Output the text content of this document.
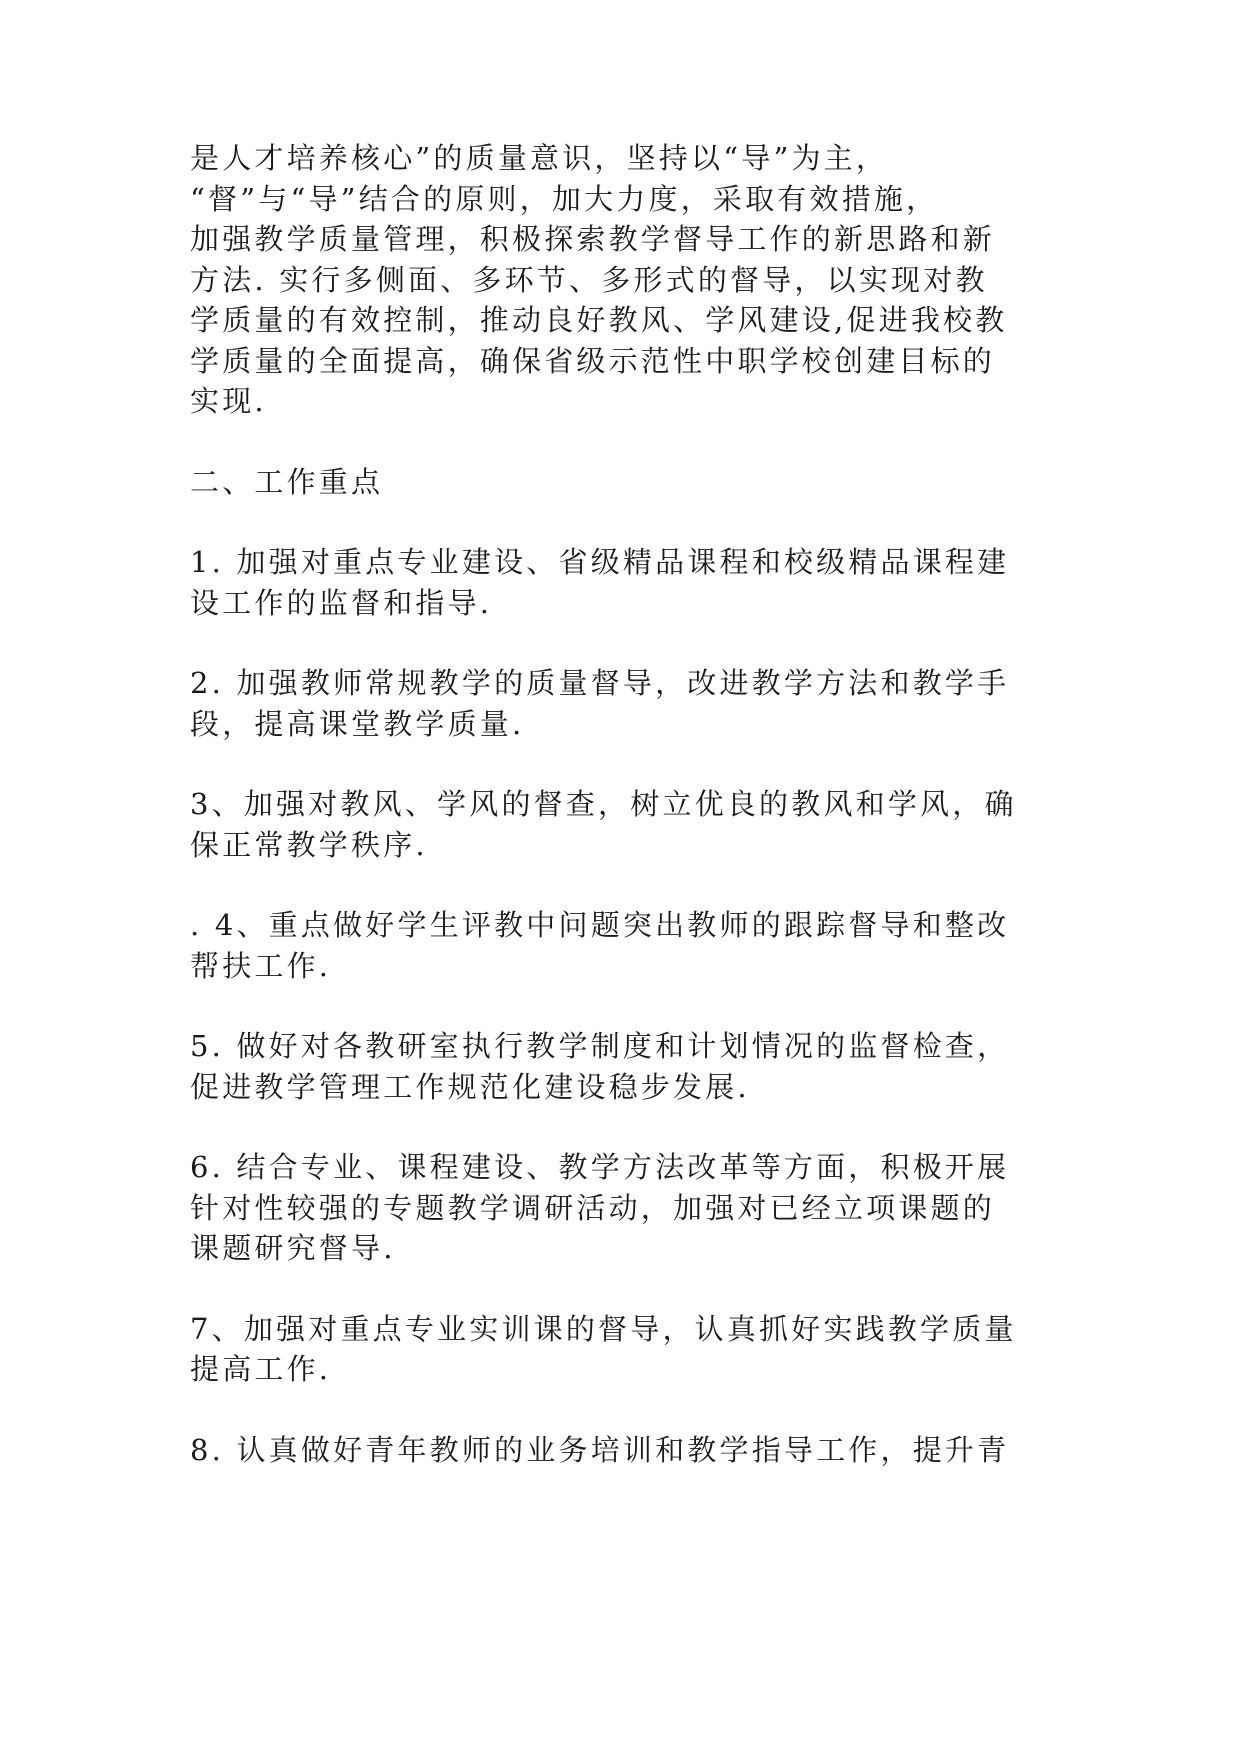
是人才培养核心”的质量意识，坚持以“导”为主，
“督”与“导”结合的原则，加大力度，采取有效措施，
加强教学质量管理，积极探索教学督导工作的新思路和新
方法. 实行多侧面、多环节、多形式的督导，以实现对教
学质量的有效控制，推动良好教风、学风建设,促进我校教
学质量的全面提高，确保省级示范性中职学校创建目标的
实现.

二、工作重点

1. 加强对重点专业建设、省级精品课程和校级精品课程建
设工作的监督和指导.

2. 加强教师常规教学的质量督导，改进教学方法和教学手
段，提高课堂教学质量.

3、加强对教风、学风的督查，树立优良的教风和学风，确
保正常教学秩序.

. 4、重点做好学生评教中问题突出教师的跟踪督导和整改
帮扶工作.

5. 做好对各教研室执行教学制度和计划情况的监督检查，
促进教学管理工作规范化建设稳步发展.

6. 结合专业、课程建设、教学方法改革等方面，积极开展
针对性较强的专题教学调研活动，加强对已经立项课题的
课题研究督导.

7、加强对重点专业实训课的督导，认真抓好实践教学质量
提高工作.

8. 认真做好青年教师的业务培训和教学指导工作，提升青
